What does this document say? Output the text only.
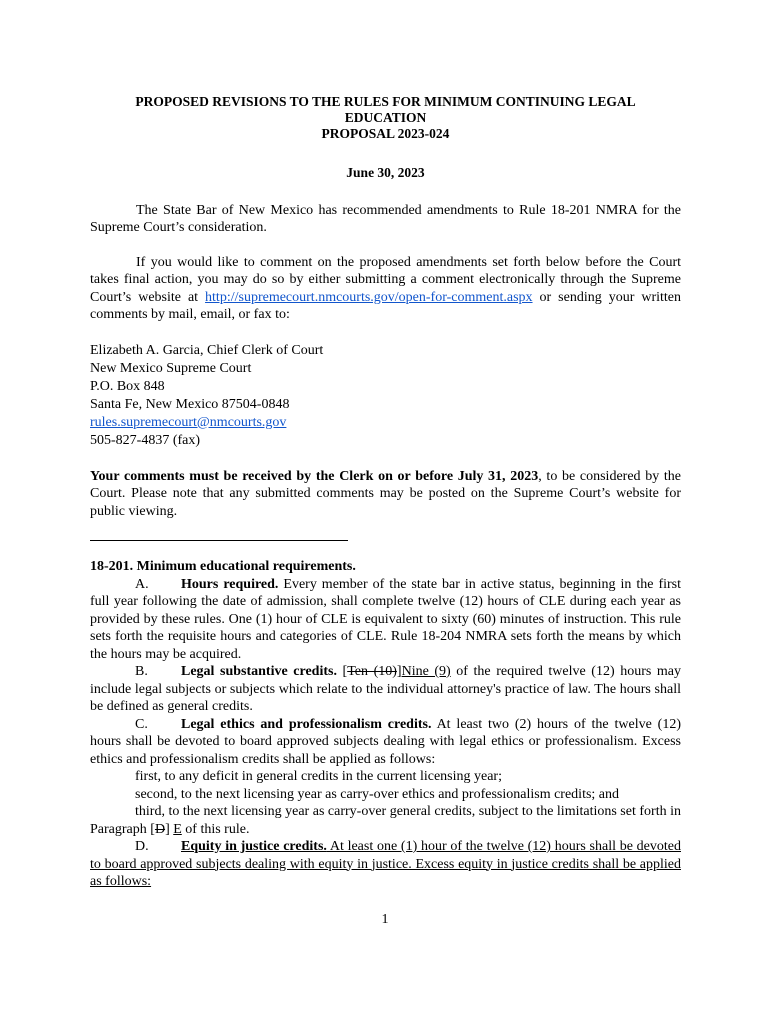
PROPOSED REVISIONS TO THE RULES FOR MINIMUM CONTINUING LEGAL
EDUCATION
PROPOSAL 2023-024
June 30, 2023

The State Bar of New Mexico has recommended amendments to Rule 18-201 NMRA for the Supreme Court’s consideration.

If you would like to comment on the proposed amendments set forth below before the Court takes final action, you may do so by either submitting a comment electronically through the Supreme Court’s website at http://supremecourt.nmcourts.gov/open-for-comment.aspx or sending your written comments by mail, email, or fax to:

Elizabeth A. Garcia, Chief Clerk of Court
New Mexico Supreme Court
P.O. Box 848
Santa Fe, New Mexico 87504-0848
rules.supremecourt@nmcourts.gov
505-827-4837 (fax)

Your comments must be received by the Clerk on or before July 31, 2023, to be considered by the Court. Please note that any submitted comments may be posted on the Supreme Court’s website for public viewing.

18-201. Minimum educational requirements.

A. Hours required. Every member of the state bar in active status, beginning in the first full year following the date of admission, shall complete twelve (12) hours of CLE during each year as provided by these rules. One (1) hour of CLE is equivalent to sixty (60) minutes of instruction. This rule sets forth the requisite hours and categories of CLE. Rule 18-204 NMRA sets forth the means by which the hours may be acquired.

B. Legal substantive credits. [Ten (10)]Nine (9) of the required twelve (12) hours may include legal subjects or subjects which relate to the individual attorney's practice of law. The hours shall be defined as general credits.

C. Legal ethics and professionalism credits. At least two (2) hours of the twelve (12) hours shall be devoted to board approved subjects dealing with legal ethics or professionalism. Excess ethics and professionalism credits shall be applied as follows:

first, to any deficit in general credits in the current licensing year;
second, to the next licensing year as carry-over ethics and professionalism credits; and

third, to the next licensing year as carry-over general credits, subject to the limitations set forth in Paragraph [D] E of this rule.

D. Equity in justice credits. At least one (1) hour of the twelve (12) hours shall be devoted to board approved subjects dealing with equity in justice. Excess equity in justice credits shall be applied as follows:

1
